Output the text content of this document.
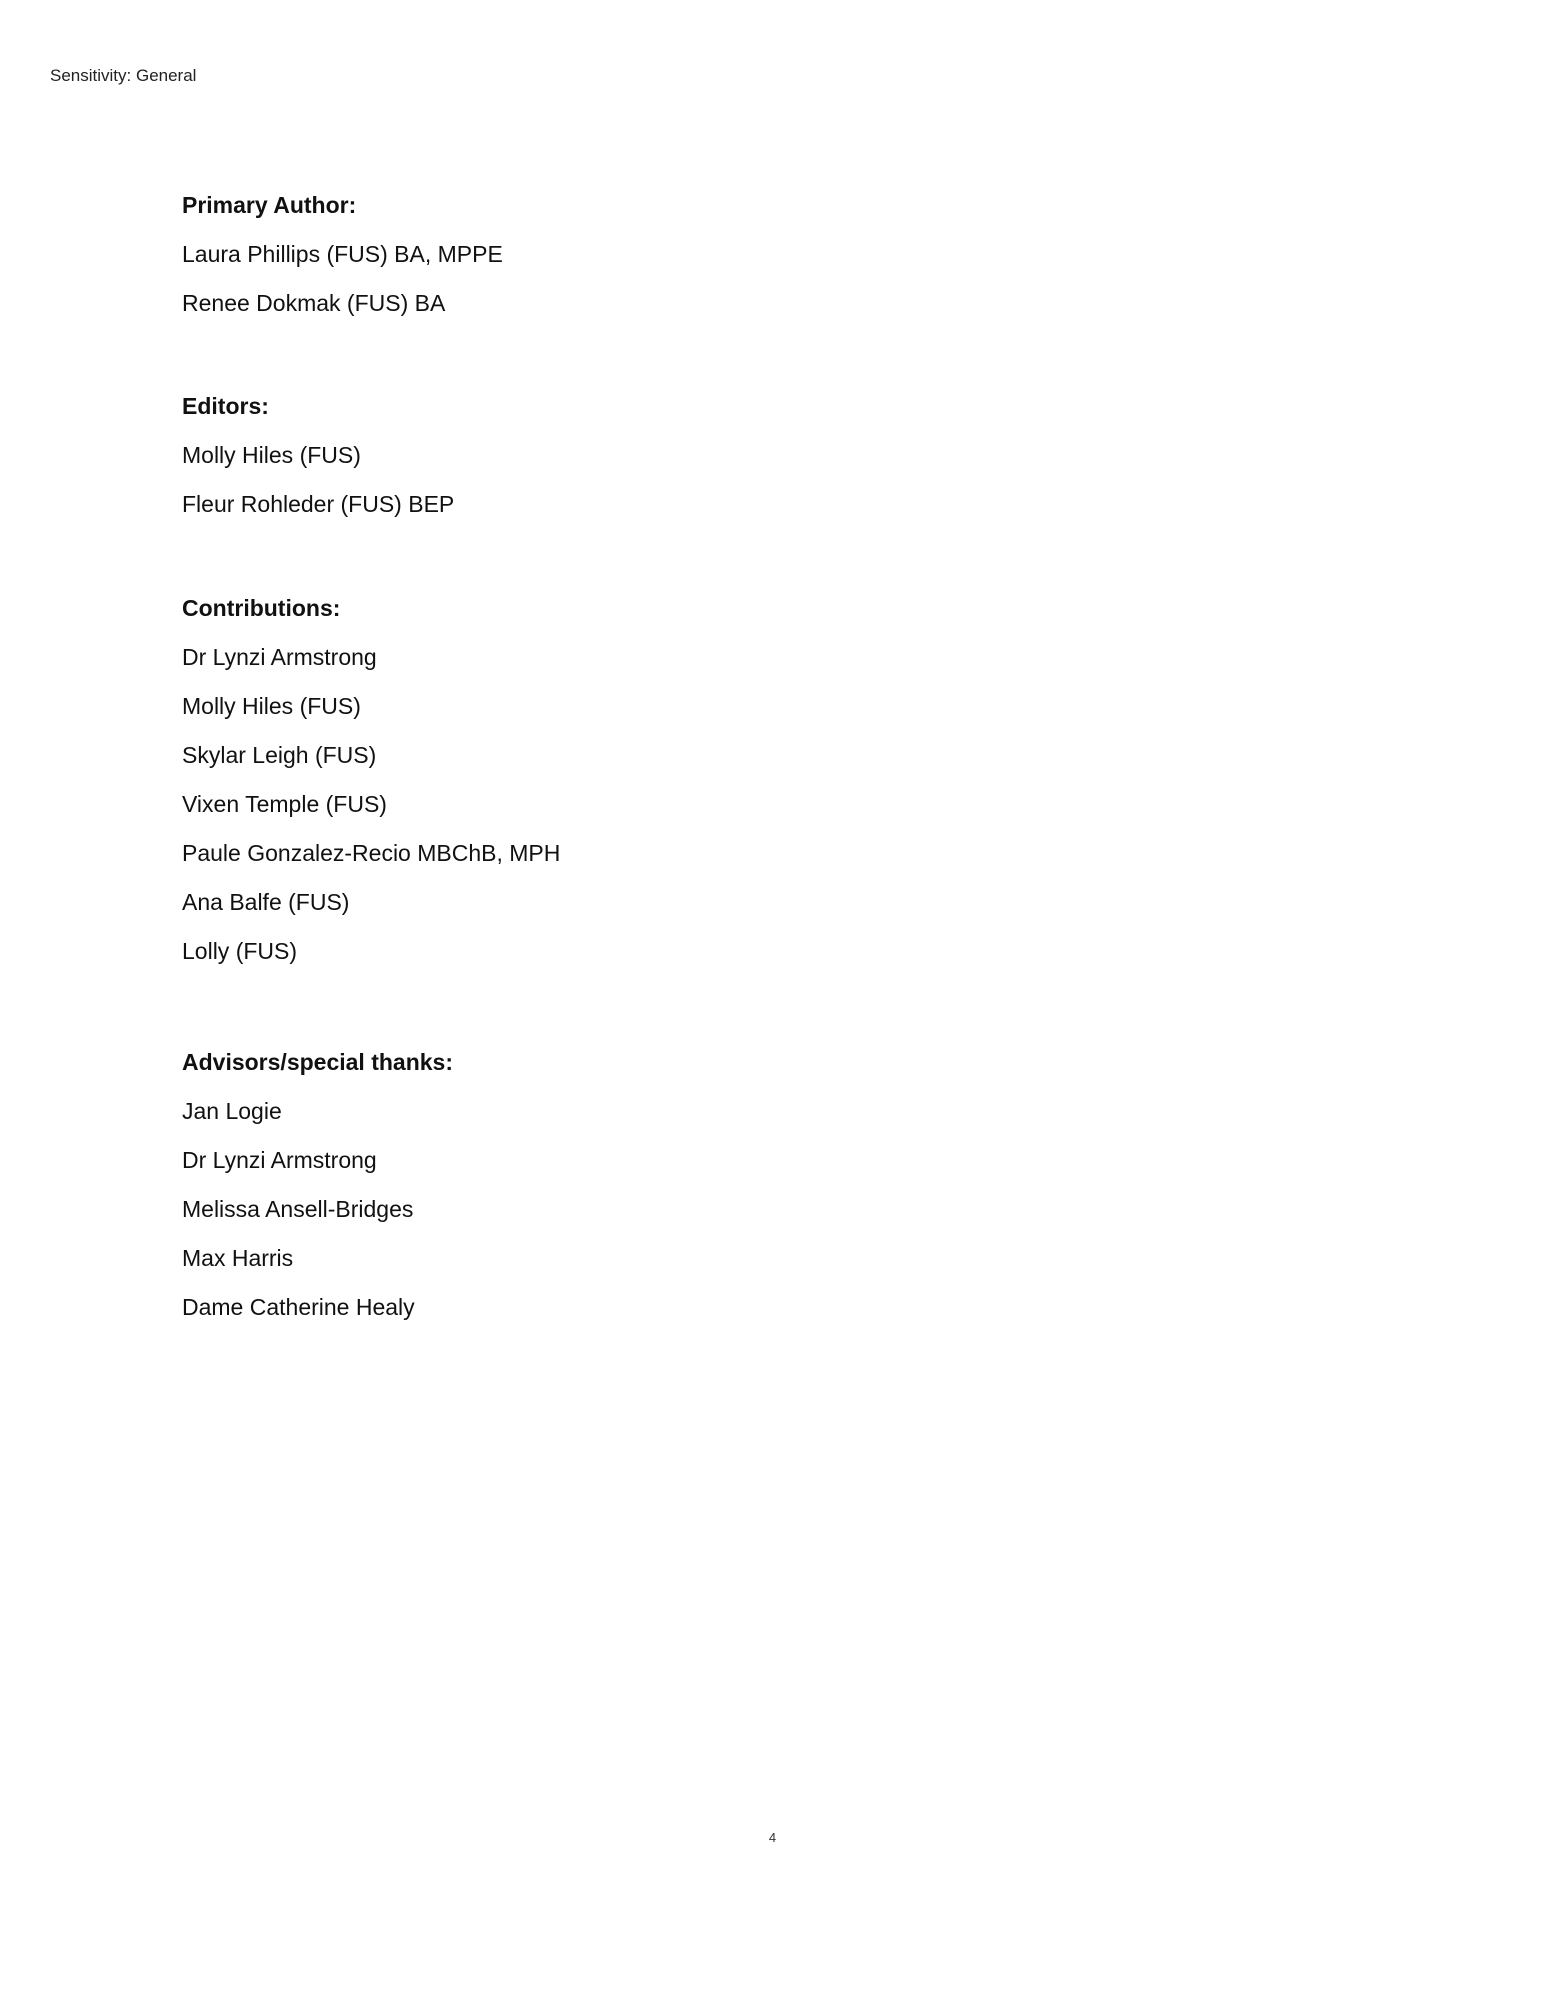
Sensitivity: General
Primary Author:
Laura Phillips (FUS) BA, MPPE
Renee Dokmak (FUS) BA
Editors:
Molly Hiles (FUS)
Fleur Rohleder (FUS) BEP
Contributions:
Dr Lynzi Armstrong
Molly Hiles (FUS)
Skylar Leigh (FUS)
Vixen Temple (FUS)
Paule Gonzalez-Recio MBChB, MPH
Ana Balfe (FUS)
Lolly (FUS)
Advisors/special thanks:
Jan Logie
Dr Lynzi Armstrong
Melissa Ansell-Bridges
Max Harris
Dame Catherine Healy
4
